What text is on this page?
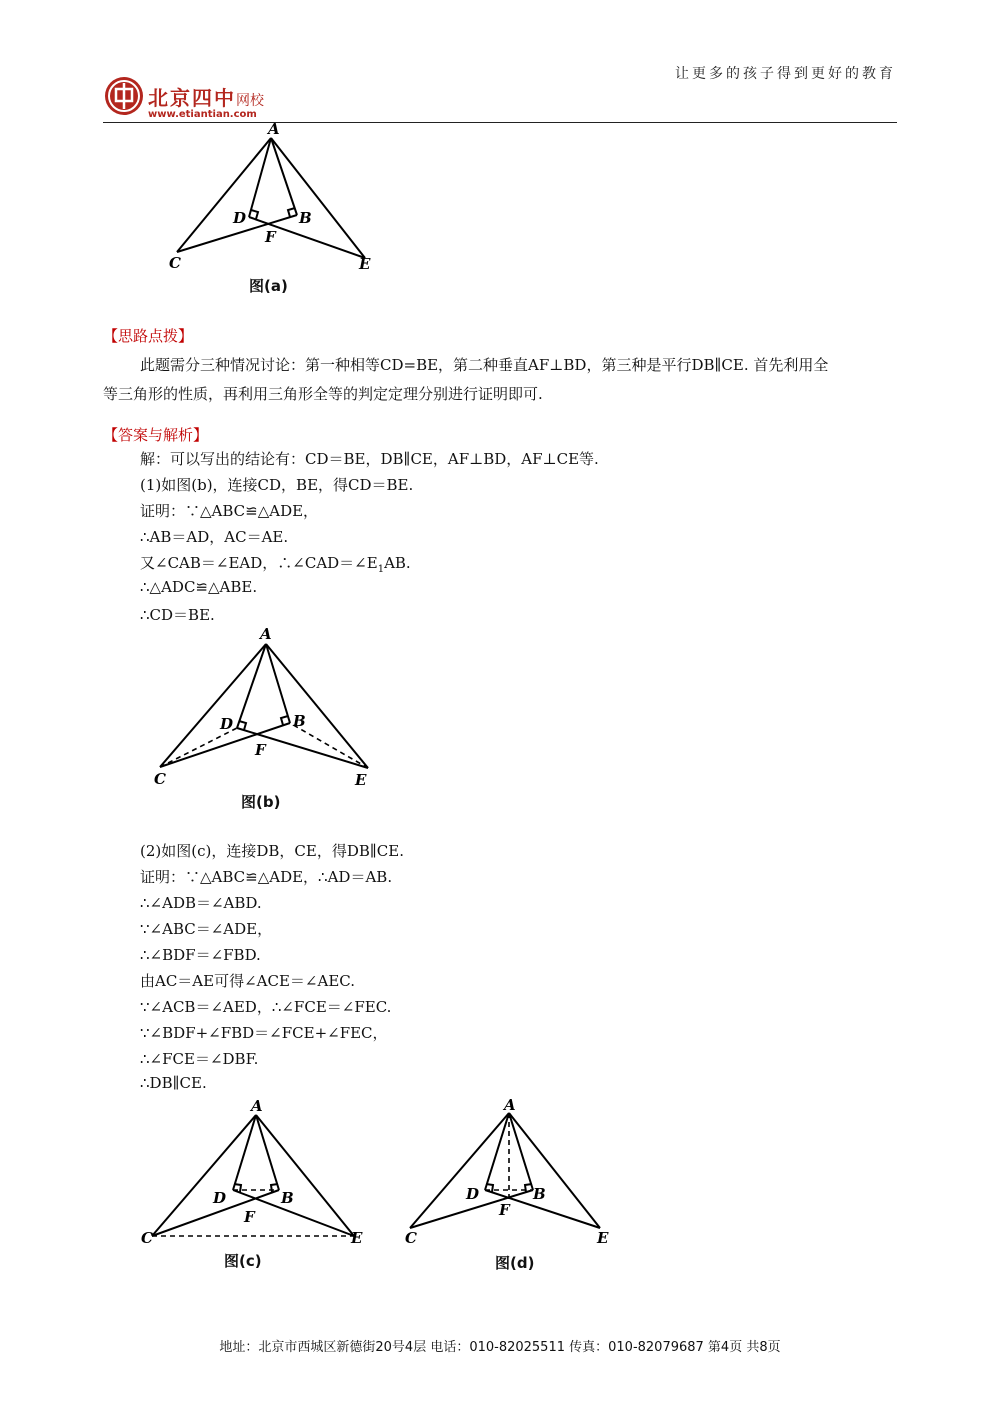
北京四中网校
www.etiantian.com
让更多的孩子得到更好的教育
A
D	B
F
C	E
图(a)
【思路点拨】
此题需分三种情况讨论：第一种相等CD=BE，第二种垂直AF⊥BD，第三种是平行DB∥CE. 首先利用全
等三角形的性质，再利用三角形全等的判定定理分别进行证明即可.
【答案与解析】
解：可以写出的结论有：CD＝BE，DB∥CE，AF⊥BD，AF⊥CE等.
(1)如图(b)，连接CD，BE，得CD＝BE.
证明：∵△ABC≌△ADE，
∴AB＝AD，AC＝AE.
又∠CAB＝∠EAD，$\therefore\angle CAD=\angle E_1AB$.
∴△ADC≌△ABE.
∴CD＝BE.
A
D	B
F
C	E
图(b)
(2)如图(c)，连接DB，CE，得DB∥CE.
证明：∵△ABC≌△ADE，∴AD＝AB.
∴∠ADB＝∠ABD.
∵∠ABC＝∠ADE，
∴∠BDF＝∠FBD.
由AC＝AE可得∠ACE＝∠AEC.
∵∠ACB＝∠AED，∴∠FCE＝∠FEC.
∵∠BDF+∠FBD＝∠FCE+∠FEC，
∴∠FCE＝∠DBF.
∴DB∥CE.
A
D	B
F
C	E
图(c)
A
D	B
F
C	E
图(d)
地址：北京市西城区新德街20号4层 电话：010-82025511 传真：010-82079687 第4页 共8页
